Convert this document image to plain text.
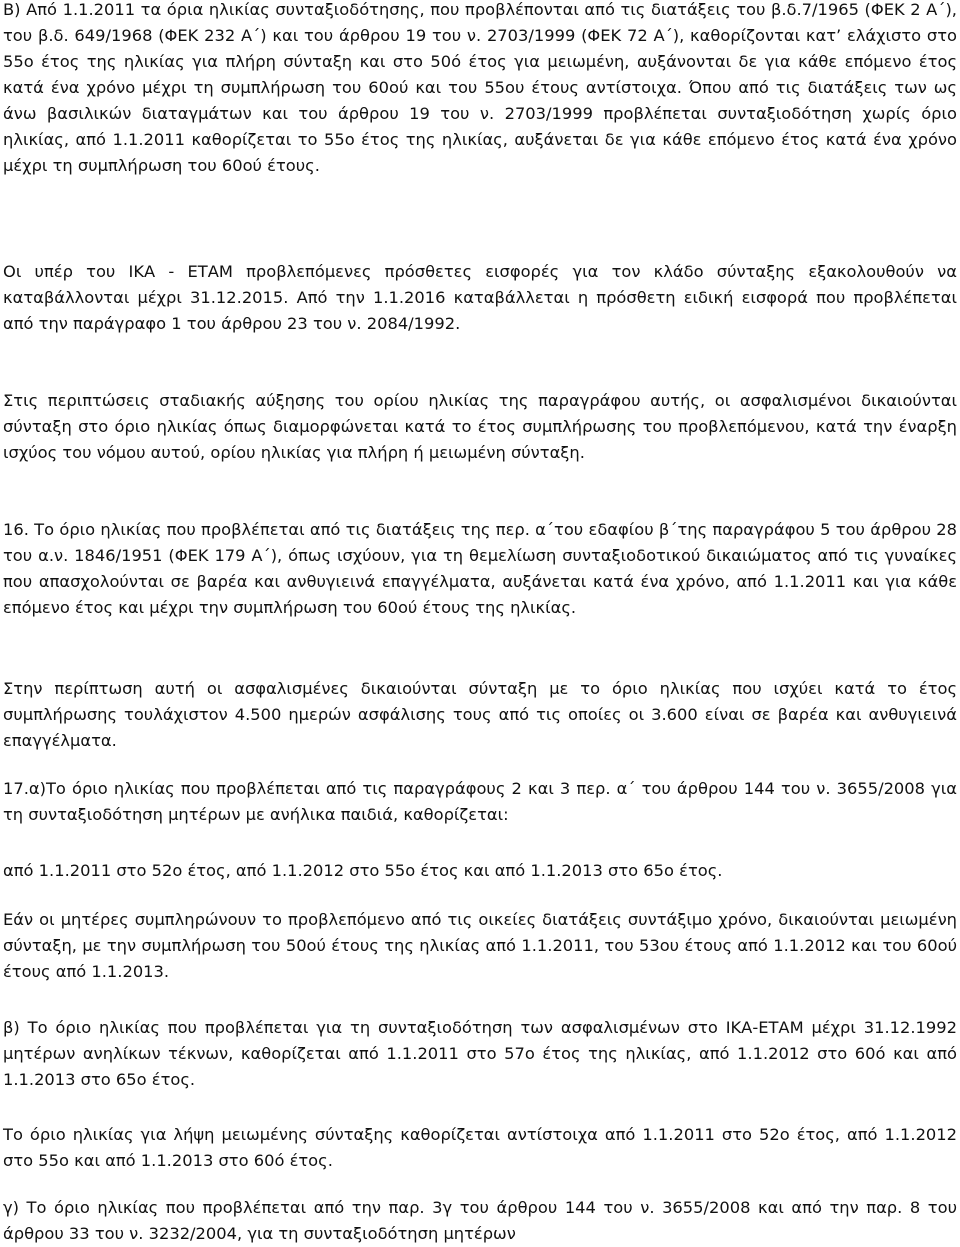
Β) Από 1.1.2011 τα όρια ηλικίας συνταξιοδότησης, που προβλέπονται από τις διατάξεις του β.δ.7/1965 (ΦΕΚ 2 Α΄), του β.δ. 649/1968 (ΦΕΚ 232 Α΄) και του άρθρου 19 του ν. 2703/1999 (ΦΕΚ 72 Α΄), καθορίζονται κατ’ ελάχιστο στο 55ο έτος της ηλικίας για πλήρη σύνταξη και στο 50ό έτος για μειωμένη, αυξάνονται δε για κάθε επόμενο έτος κατά ένα χρόνο μέχρι τη συμπλήρωση του 60ού και του 55ου έτους αντίστοιχα. Όπου από τις διατάξεις των ως άνω βασιλικών διαταγμάτων και του άρθρου 19 του ν. 2703/1999 προβλέπεται συνταξιοδότηση χωρίς όριο ηλικίας, από 1.1.2011 καθορίζεται το 55ο έτος της ηλικίας, αυξάνεται δε για κάθε επόμενο έτος κατά ένα χρόνο μέχρι τη συμπλήρωση του 60ού έτους.

Οι υπέρ του ΙΚΑ - ΕΤΑΜ προβλεπόμενες πρόσθετες εισφορές για τον κλάδο σύνταξης εξακολουθούν να καταβάλλονται μέχρι 31.12.2015. Από την 1.1.2016 καταβάλλεται η πρόσθετη ειδική εισφορά που προβλέπεται από την παράγραφο 1 του άρθρου 23 του ν. 2084/1992.

Στις περιπτώσεις σταδιακής αύξησης του ορίου ηλικίας της παραγράφου αυτής, οι ασφαλισμένοι δικαιούνται σύνταξη στο όριο ηλικίας όπως διαμορφώνεται κατά το έτος συμπλήρωσης του προβλεπόμενου, κατά την έναρξη ισχύος του νόμου αυτού, ορίου ηλικίας για πλήρη ή μειωμένη σύνταξη.

16. Το όριο ηλικίας που προβλέπεται από τις διατάξεις της περ. α΄του εδαφίου β΄της παραγράφου 5 του άρθρου 28 του α.ν. 1846/1951 (ΦΕΚ 179 Α΄), όπως ισχύουν, για τη θεμελίωση συνταξιοδοτικού δικαιώματος από τις γυναίκες που απασχολούνται σε βαρέα και ανθυγιεινά επαγγέλματα, αυξάνεται κατά ένα χρόνο, από 1.1.2011 και για κάθε επόμενο έτος και μέχρι την συμπλήρωση του 60ού έτους της ηλικίας.

Στην περίπτωση αυτή οι ασφαλισμένες δικαιούνται σύνταξη με το όριο ηλικίας που ισχύει κατά το έτος συμπλήρωσης τουλάχιστον 4.500 ημερών ασφάλισης τους από τις οποίες οι 3.600 είναι σε βαρέα και ανθυγιεινά επαγγέλματα.

17.α)Το όριο ηλικίας που προβλέπεται από τις παραγράφους 2 και 3 περ. α΄ του άρθρου 144 του ν. 3655/2008 για τη συνταξιοδότηση μητέρων με ανήλικα παιδιά, καθορίζεται:

από 1.1.2011 στο 52ο έτος, από 1.1.2012 στο 55ο έτος και από 1.1.2013 στο 65ο έτος.

Εάν οι μητέρες συμπληρώνουν το προβλεπόμενο από τις οικείες διατάξεις συντάξιμο χρόνο, δικαιούνται μειωμένη σύνταξη, με την συμπλήρωση του 50ού έτους της ηλικίας από 1.1.2011, του 53ου έτους από 1.1.2012 και του 60ού έτους από 1.1.2013.

β) Το όριο ηλικίας που προβλέπεται για τη συνταξιοδότηση των ασφαλισμένων στο ΙΚΑ-ΕΤΑΜ μέχρι 31.12.1992 μητέρων ανηλίκων τέκνων, καθορίζεται από 1.1.2011 στο 57ο έτος της ηλικίας, από 1.1.2012 στο 60ό και από 1.1.2013 στο 65ο έτος.

Το όριο ηλικίας για λήψη μειωμένης σύνταξης καθορίζεται αντίστοιχα από 1.1.2011 στο 52ο έτος, από 1.1.2012 στο 55ο και από 1.1.2013 στο 60ό έτος.

γ) Το όριο ηλικίας που προβλέπεται από την παρ. 3γ του άρθρου 144 του ν. 3655/2008 και από την παρ. 8 του άρθρου 33 του ν. 3232/2004, για τη συνταξιοδότηση μητέρων
